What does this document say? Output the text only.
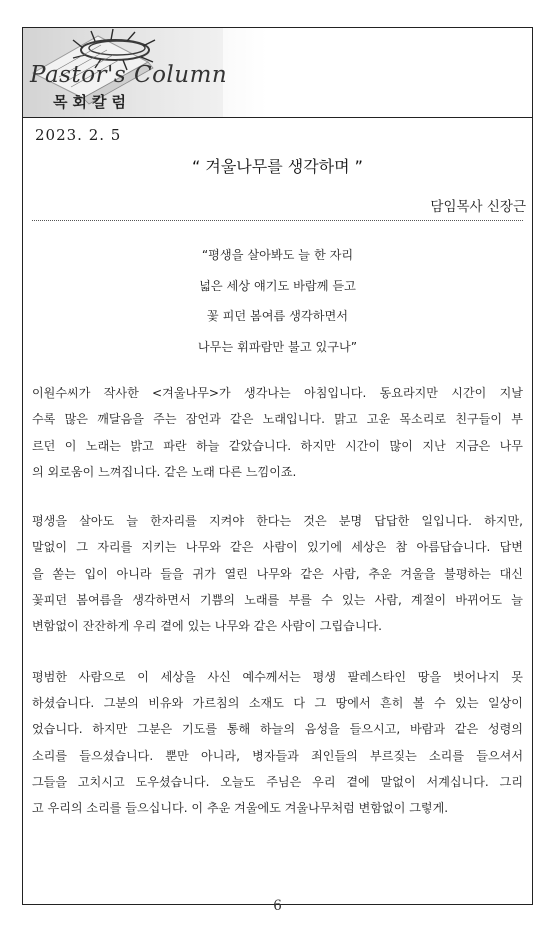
Pastor's Column
목회칼럼
2023. 2. 5
“ 겨울나무를 생각하며 ”
담임목사 신장근
“평생을 살아봐도 늘 한 자리
넓은 세상 얘기도 바람께 듣고
꽃 피던 봄여름 생각하면서
나무는 휘파람만 불고 있구나”
이원수씨가 작사한 <겨울나무>가 생각나는 아침입니다. 동요라지만 시간이 지날
수록 많은 깨달음을 주는 잠언과 같은 노래입니다. 맑고 고운 목소리로 친구들이 부
르던 이 노래는 밝고 파란 하늘 같았습니다. 하지만 시간이 많이 지난 지금은 나무
의 외로움이 느껴집니다. 같은 노래 다른 느낌이죠.
평생을 살아도 늘 한자리를 지켜야 한다는 것은 분명 답답한 일입니다. 하지만,
말없이 그 자리를 지키는 나무와 같은 사람이 있기에 세상은 참 아름답습니다. 답변
을 쏟는 입이 아니라 들을 귀가 열린 나무와 같은 사람, 추운 겨울을 불평하는 대신
꽃피던 봄여름을 생각하면서 기쁨의 노래를 부를 수 있는 사람, 계절이 바뀌어도 늘
변함없이 잔잔하게 우리 곁에 있는 나무와 같은 사람이 그립습니다.
평범한 사람으로 이 세상을 사신 예수께서는 평생 팔레스타인 땅을 벗어나지 못
하셨습니다. 그분의 비유와 가르침의 소재도 다 그 땅에서 흔히 볼 수 있는 일상이
었습니다. 하지만 그분은 기도를 통해 하늘의 음성을 들으시고, 바람과 같은 성령의
소리를 들으셨습니다. 뿐만 아니라, 병자들과 죄인들의 부르짖는 소리를 들으셔서
그들을 고치시고 도우셨습니다. 오늘도 주님은 우리 곁에 말없이 서계십니다. 그리
고 우리의 소리를 들으십니다. 이 추운 겨울에도 겨울나무처럼 변함없이 그렇게.
6
